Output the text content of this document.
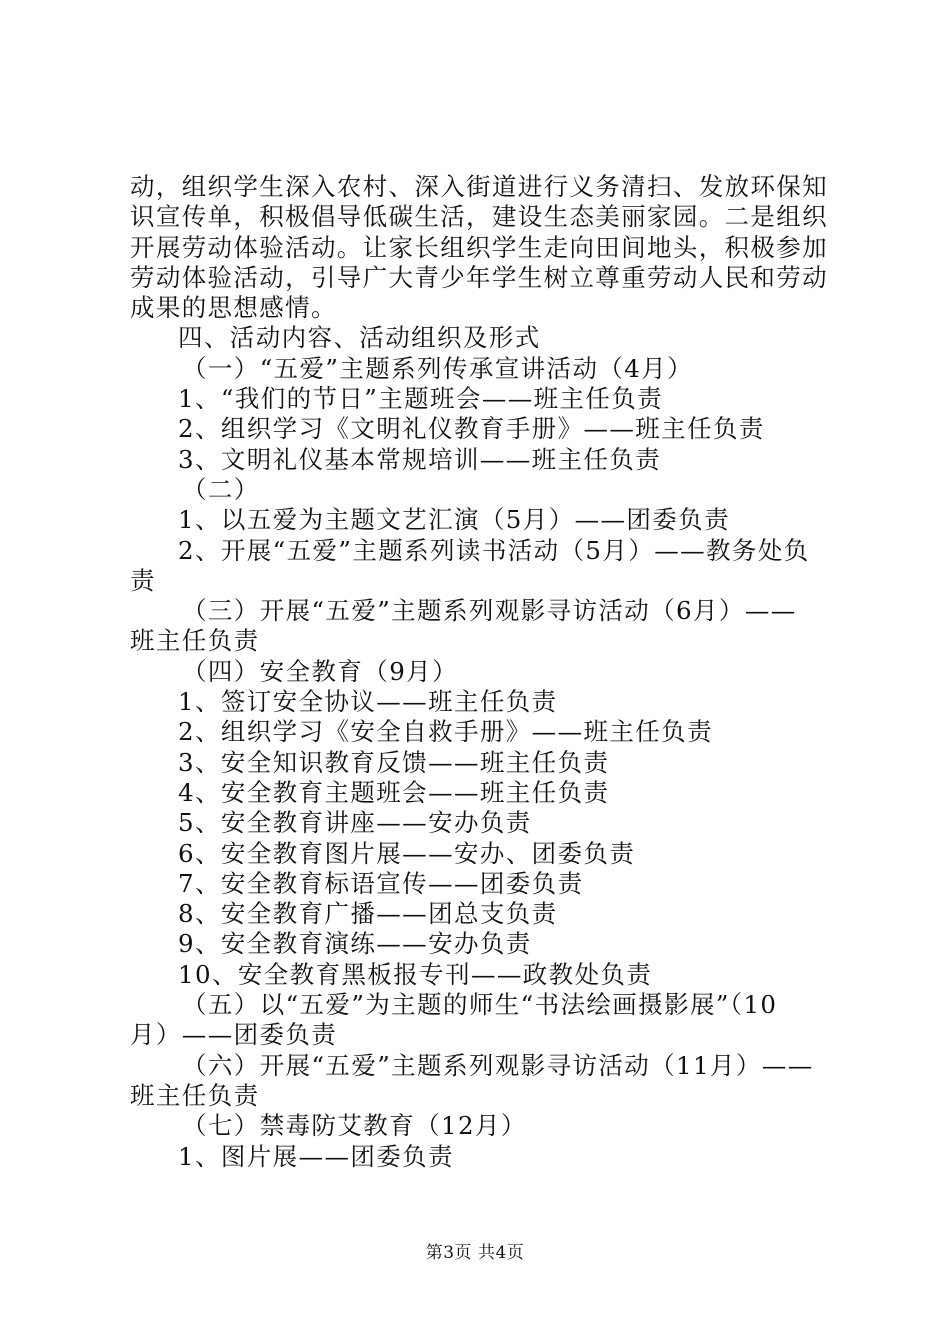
动，组织学生深入农村、深入街道进行义务清扫、发放环保知
识宣传单，积极倡导低碳生活，建设生态美丽家园。二是组织
开展劳动体验活动。让家长组织学生走向田间地头，积极参加
劳动体验活动，引导广大青少年学生树立尊重劳动人民和劳动
成果的思想感情。
四、活动内容、活动组织及形式
（一）“五爱”主题系列传承宣讲活动（4月）
1、“我们的节日”主题班会——班主任负责
2、组织学习《文明礼仪教育手册》——班主任负责
3、文明礼仪基本常规培训——班主任负责
（二）
1、以五爱为主题文艺汇演（5月）——团委负责
2、开展“五爱”主题系列读书活动（5月）——教务处负
责
（三）开展“五爱”主题系列观影寻访活动（6月）——
班主任负责
（四）安全教育（9月）
1、签订安全协议——班主任负责
2、组织学习《安全自救手册》——班主任负责
3、安全知识教育反馈——班主任负责
4、安全教育主题班会——班主任负责
5、安全教育讲座——安办负责
6、安全教育图片展——安办、团委负责
7、安全教育标语宣传——团委负责
8、安全教育广播——团总支负责
9、安全教育演练——安办负责
10、安全教育黑板报专刊——政教处负责
（五）以“五爱”为主题的师生“书法绘画摄影展”（10
月）——团委负责
（六）开展“五爱”主题系列观影寻访活动（11月）——
班主任负责
（七）禁毒防艾教育（12月）
1、图片展——团委负责
第3页 共4页
